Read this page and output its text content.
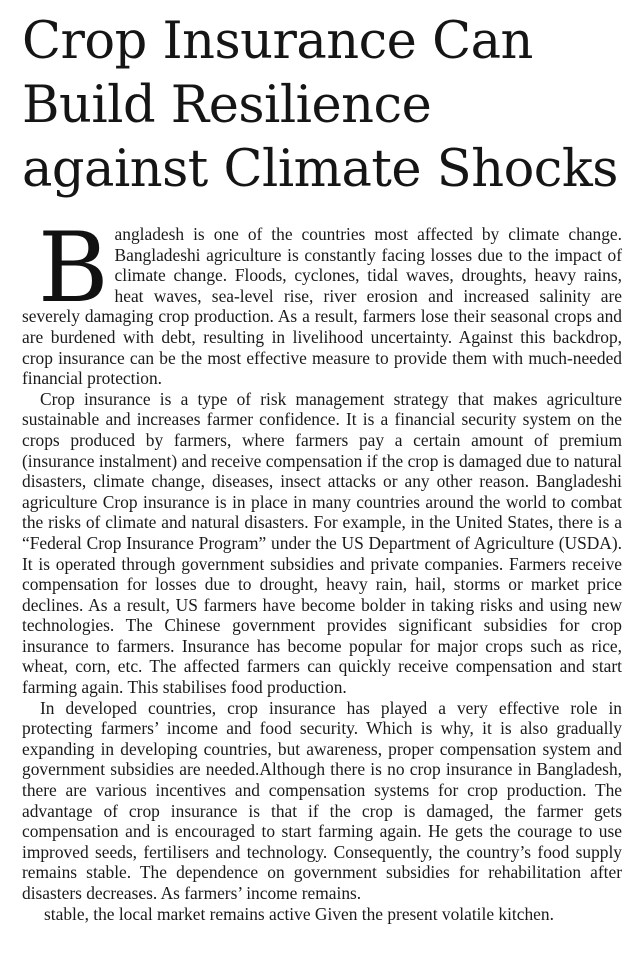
Crop Insurance Can Build Resilience against Climate Shocks

Bangladesh is one of the countries most affected by climate change. Bangladeshi agriculture is constantly facing losses due to the impact of climate change. Floods, cyclones, tidal waves, droughts, heavy rains, heat waves, sea-level rise, river erosion and increased salinity are severely damaging crop production. As a result, farmers lose their seasonal crops and are burdened with debt, resulting in livelihood uncertainty. Against this backdrop, crop insurance can be the most effective measure to provide them with much-needed financial protection.

Crop insurance is a type of risk management strategy that makes agriculture sustainable and increases farmer confidence. It is a financial security system on the crops produced by farmers, where farmers pay a certain amount of premium (insurance instalment) and receive compensation if the crop is damaged due to natural disasters, climate change, diseases, insect attacks or any other reason. Bangladeshi agriculture Crop insurance is in place in many countries around the world to combat the risks of climate and natural disasters. For example, in the United States, there is a “Federal Crop Insurance Program” under the US Department of Agriculture (USDA). It is operated through government subsidies and private companies. Farmers receive compensation for losses due to drought, heavy rain, hail, storms or market price declines. As a result, US farmers have become bolder in taking risks and using new technologies. The Chinese government provides significant subsidies for crop insurance to farmers. Insurance has become popular for major crops such as rice, wheat, corn, etc. The affected farmers can quickly receive compensation and start farming again. This stabilises food production.

In developed countries, crop insurance has played a very effective role in protecting farmers’ income and food security. Which is why, it is also gradually expanding in developing countries, but awareness, proper compensation system and government subsidies are needed.Although there is no crop insurance in Bangladesh, there are various incentives and compensation systems for crop production. The advantage of crop insurance is that if the crop is damaged, the farmer gets compensation and is encouraged to start farming again. He gets the courage to use improved seeds, fertilisers and technology. Consequently, the country’s food supply remains stable. The dependence on government subsidies for rehabilitation after disasters decreases. As farmers’ income remains.

stable, the local market remains active Given the present volatile kitchen.
